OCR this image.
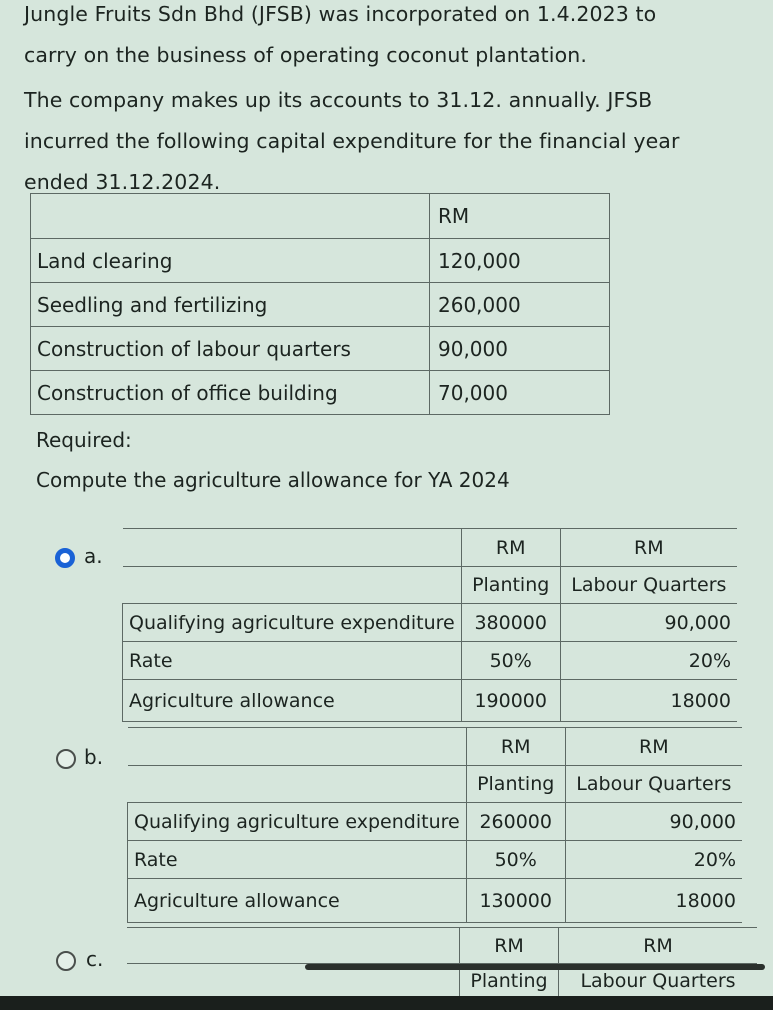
Jungle Fruits Sdn Bhd (JFSB) was incorporated on 1.4.2023 to
carry on the business of operating coconut plantation.
The company makes up its accounts to 31.12. annually. JFSB
incurred the following capital expenditure for the financial year
ended 31.12.2024.
	RM
Land clearing	120,000
Seedling and fertilizing	260,000
Construction of labour quarters	90,000
Construction of office building	70,000
Required:
Compute the agriculture allowance for YA 2024
a.
		RM	RM
	Planting	Labour Quarters
Qualifying agriculture expenditure	380000	90,000
Rate	50%	20%
Agriculture allowance	190000	18000
b.
		RM	RM
	Planting	Labour Quarters
Qualifying agriculture expenditure	260000	90,000
Rate	50%	20%
Agriculture allowance	130000	18000
c.
	RM	RM
	Planting	Labour Quarters
